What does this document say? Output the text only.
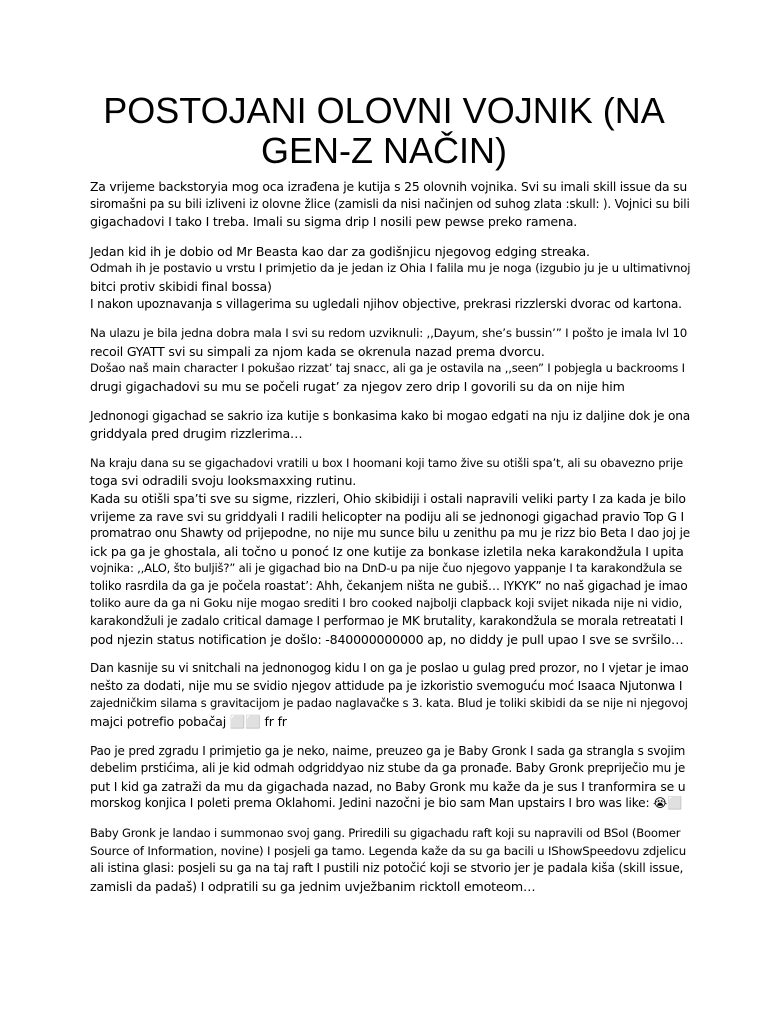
POSTOJANI OLOVNI VOJNIK (NA GEN-Z NAČIN)
Za vrijeme backstoryia mog oca izrađena je kutija s 25 olovnih vojnika. Svi su imali skill issue da su
siromašni pa su bili izliveni iz olovne žlice (zamisli da nisi načinjen od suhog zlata :skull: ). Vojnici su bili
gigachadovi I tako I treba. Imali su sigma drip I nosili pew pewse preko ramena.
Jedan kid ih je dobio od Mr Beasta kao dar za godišnjicu njegovog edging streaka.
Odmah ih je postavio u vrstu I primjetio da je jedan iz Ohia I falila mu je noga (izgubio ju je u ultimativnoj
bitci protiv skibidi final bossa)
I nakon upoznavanja s villagerima su ugledali njihov objective, prekrasi rizzlerski dvorac od kartona.
Na ulazu je bila jedna dobra mala I svi su redom uzviknuli: ,,Dayum, she’s bussin’” I pošto je imala lvl 10
recoil GYATT svi su simpali za njom kada se okrenula nazad prema dvorcu.
Došao naš main character I pokušao rizzat’ taj snacc, ali ga je ostavila na ,,seen” I pobjegla u backrooms I
drugi gigachadovi su mu se počeli rugat’ za njegov zero drip I govorili su da on nije him
Jednonogi gigachad se sakrio iza kutije s bonkasima kako bi mogao edgati na nju iz daljine dok je ona
griddyala pred drugim rizzlerima…
Na kraju dana su se gigachadovi vratili u box I hoomani koji tamo žive su otišli spa’t, ali su obavezno prije
toga svi odradili svoju looksmaxxing rutinu.
Kada su otišli spa’ti sve su sigme, rizzleri, Ohio skibidiji i ostali napravili veliki party I za kada je bilo
vrijeme za rave svi su griddyali I radili helicopter na podiju ali se jednonogi gigachad pravio Top G I
promatrao onu Shawty od prijepodne, no nije mu sunce bilu u zenithu pa mu je rizz bio Beta I dao joj je
ick pa ga je ghostala, ali točno u ponoć Iz one kutije za bonkase izletila neka karakondžula I upita
vojnika: ,,ALO, što buljiš?” ali je gigachad bio na DnD-u pa nije čuo njegovo yappanje I ta karakondžula se
toliko rasrdila da ga je počela roastat’: Ahh, čekanjem ništa ne gubiš… IYKYK” no naš gigachad je imao
toliko aure da ga ni Goku nije mogao srediti I bro cooked najbolji clapback koji svijet nikada nije ni vidio,
karakondžuli je zadalo critical damage I performao je MK brutality, karakondžula se morala retreatati I
pod njezin status notification je došlo: -840000000000 ap, no diddy je pull upao I sve se svršilo…
Dan kasnije su vi snitchali na jednonogog kidu I on ga je poslao u gulag pred prozor, no I vjetar je imao
nešto za dodati, nije mu se svidio njegov attidude pa je izkoristio svemoguću moć Isaaca Njutonwa I
zajedničkim silama s gravitacijom je padao naglavačke s 3. kata. Blud je toliki skibidi da se nije ni njegovoj
majci potrefio pobačaj ⬜⬜ fr fr
Pao je pred zgradu I primjetio ga je neko, naime, preuzeo ga je Baby Gronk I sada ga strangla s svojim
debelim prstićima, ali je kid odmah odgriddyao niz stube da ga pronađe. Baby Gronk prepriječio mu je
put I kid ga zatraži da mu da gigachada nazad, no Baby Gronk mu kaže da je sus I tranformira se u
morskog konjica I poleti prema Oklahomi. Jedini nazočni je bio sam Man upstairs I bro was like: 😭⬜
Baby Gronk je landao i summonao svoj gang. Priredili su gigachadu raft koji su napravili od BSoI (Boomer
Source of Information, novine) I posjeli ga tamo. Legenda kaže da su ga bacili u IShowSpeedovu zdjelicu
ali istina glasi: posjeli su ga na taj raft I pustili niz potočić koji se stvorio jer je padala kiša (skill issue,
zamisli da padaš) I odpratili su ga jednim uvježbanim ricktoll emoteom…
